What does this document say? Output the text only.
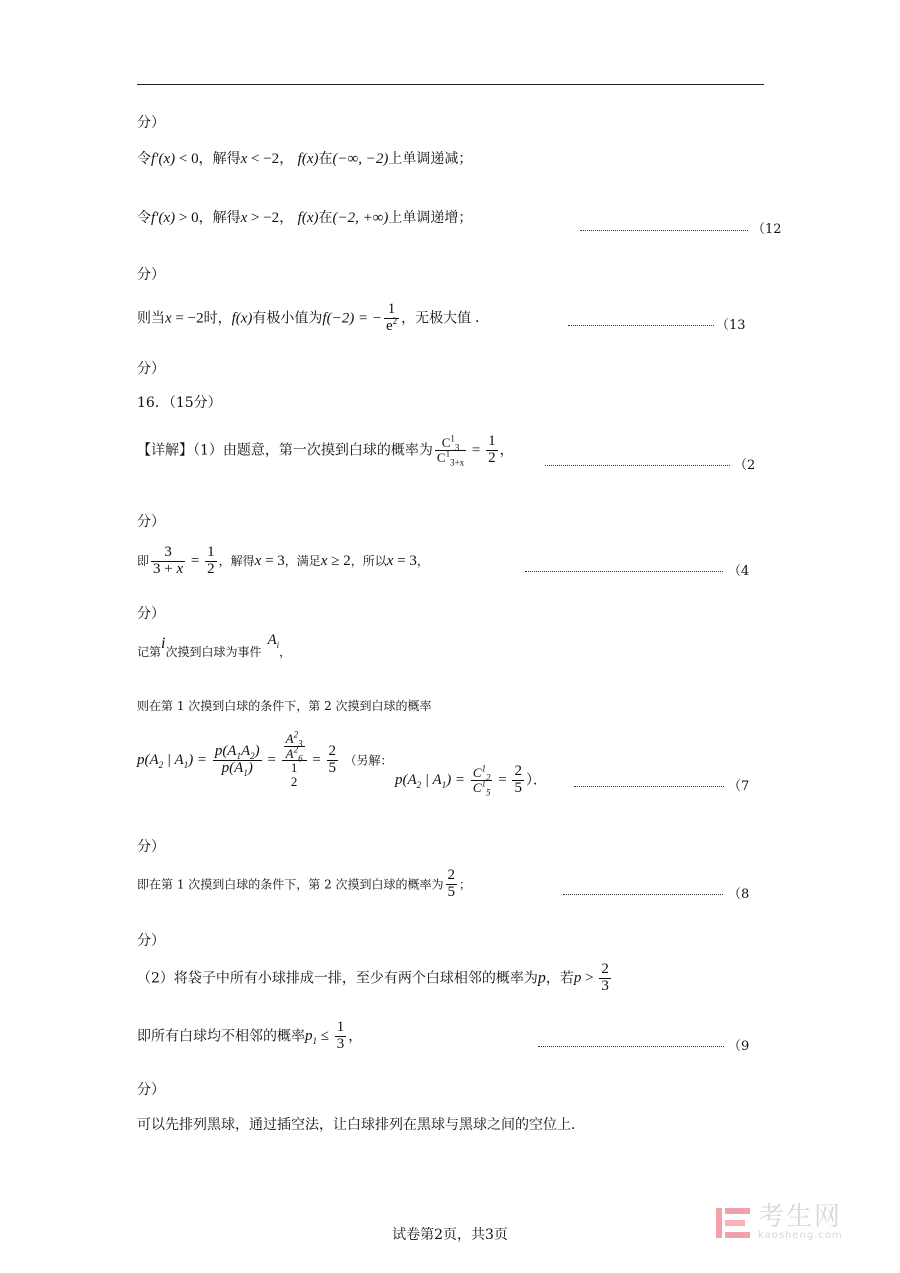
分）
令f′(x) < 0，解得x < −2， f(x)在(−∞, −2)上单调递减；
令f′(x) > 0，解得x > −2， f(x)在(−2, +∞)上单调递增；
（12
分）
则当x = −2时，f(x)有极小值为f(−2) = − $\frac{1}{e^2}$ ，无极大值 ．	（13
分）
16．（15分）
【详解】（1）由题意，第一次摸到白球的概率为 $\frac{C^1_3}{C^1_{3+x}} = \frac{1}{2}$ ，
（2
分）
即 $\frac{3}{3 + x} = \frac{1}{2}$ ，解得x = 3，满足x ≥ 2，所以x = 3，
（4
分）
记第i次摸到白球为事件$A_i$，
则在第 1 次摸到白球的条件下，第 2 次摸到白球的概率
$p(A_2$ | $A_1) = \frac{p(A_1A_2)}{p(A_1)} = \frac{A^2_3}{A^2_6}$
1
2
= $\frac{2}{5}$ （另解：
$p(A_2$ | $A_1) = \frac{C^1_2}{C^1_5} = \frac{2}{5}$ ）．	（7
分）
即在第 1 次摸到白球的条件下，第 2 次摸到白球的概率为 $\frac{2}{5}$ ；
（8
分）
（2）将袋子中所有小球排成一排，至少有两个白球相邻的概率为p，若$p > \frac{2}{3}$
即所有白球均不相邻的概率$p_1 \le \frac{1}{3}$ ，
（9
分）
可以先排列黑球，通过插空法，让白球排列在黑球与黑球之间的空位上．
试卷第2页，共3页
考生网
kaosheng.com
